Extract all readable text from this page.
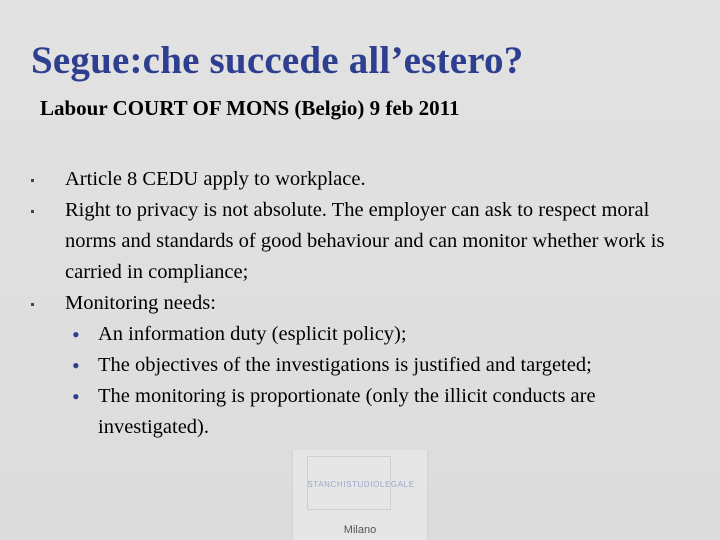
Segue:che succede all’estero?
Labour COURT OF MONS (Belgio) 9 feb 2011
Article 8 CEDU apply to workplace.
Right to privacy is not absolute. The employer can ask to respect moral norms and standards of good behaviour and can monitor whether work is carried in compliance;
Monitoring needs:
• An information duty (esplicit policy);
• The objectives of the investigations is justified and targeted;
• The monitoring is proportionate (only the illicit conducts are investigated).
STANCHISTUDIOLEGALE
Milano
